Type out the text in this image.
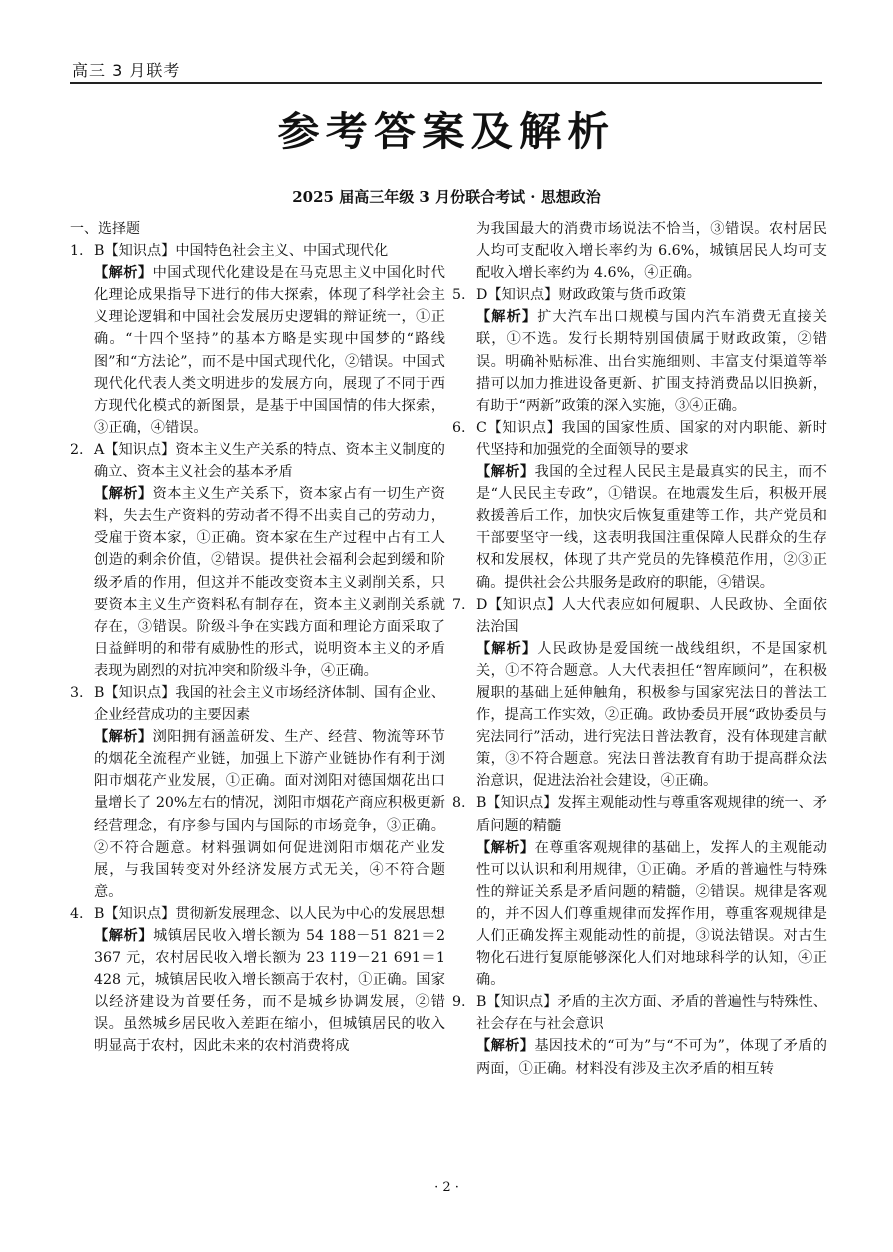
高三 3 月联考
参考答案及解析
2025 届高三年级 3 月份联合考试 · 思想政治
一、选择题
1. B【知识点】中国特色社会主义、中国式现代化
【解析】中国式现代化建设是在马克思主义中国化时代化理论成果指导下进行的伟大探索，体现了科学社会主义理论逻辑和中国社会发展历史逻辑的辩证统一，①正确。“十四个坚持”的基本方略是实现中国梦的“路线图”和“方法论”，而不是中国式现代化，②错误。中国式现代化代表人类文明进步的发展方向，展现了不同于西方现代化模式的新图景，是基于中国国情的伟大探索，③正确，④错误。
2. A【知识点】资本主义生产关系的特点、资本主义制度的确立、资本主义社会的基本矛盾
【解析】资本主义生产关系下，资本家占有一切生产资料，失去生产资料的劳动者不得不出卖自己的劳动力，受雇于资本家，①正确。资本家在生产过程中占有工人创造的剩余价值，②错误。提供社会福利会起到缓和阶级矛盾的作用，但这并不能改变资本主义剥削关系，只要资本主义生产资料私有制存在，资本主义剥削关系就存在，③错误。阶级斗争在实践方面和理论方面采取了日益鲜明的和带有威胁性的形式，说明资本主义的矛盾表现为剧烈的对抗冲突和阶级斗争，④正确。
3. B【知识点】我国的社会主义市场经济体制、国有企业、企业经营成功的主要因素
【解析】浏阳拥有涵盖研发、生产、经营、物流等环节的烟花全流程产业链，加强上下游产业链协作有利于浏阳市烟花产业发展，①正确。面对浏阳对德国烟花出口量增长了 20%左右的情况，浏阳市烟花产商应积极更新经营理念，有序参与国内与国际的市场竞争，③正确。②不符合题意。材料强调如何促进浏阳市烟花产业发展，与我国转变对外经济发展方式无关，④不符合题意。
4. B【知识点】贯彻新发展理念、以人民为中心的发展思想
【解析】城镇居民收入增长额为 54 188－51 821＝2 367 元，农村居民收入增长额为 23 119－21 691＝1 428 元，城镇居民收入增长额高于农村，①正确。国家以经济建设为首要任务，而不是城乡协调发展，②错误。虽然城乡居民收入差距在缩小，但城镇居民的收入明显高于农村，因此未来的农村消费将成
为我国最大的消费市场说法不恰当，③错误。农村居民人均可支配收入增长率约为 6.6%，城镇居民人均可支配收入增长率约为 4.6%，④正确。
5. D【知识点】财政政策与货币政策
【解析】扩大汽车出口规模与国内汽车消费无直接关联，①不选。发行长期特别国债属于财政政策，②错误。明确补贴标准、出台实施细则、丰富支付渠道等举措可以加力推进设备更新、扩围支持消费品以旧换新，有助于“两新”政策的深入实施，③④正确。
6. C【知识点】我国的国家性质、国家的对内职能、新时代坚持和加强党的全面领导的要求
【解析】我国的全过程人民民主是最真实的民主，而不是“人民民主专政”，①错误。在地震发生后，积极开展救援善后工作，加快灾后恢复重建等工作，共产党员和干部要坚守一线，这表明我国注重保障人民群众的生存权和发展权，体现了共产党员的先锋模范作用，②③正确。提供社会公共服务是政府的职能，④错误。
7. D【知识点】人大代表应如何履职、人民政协、全面依法治国
【解析】人民政协是爱国统一战线组织，不是国家机关，①不符合题意。人大代表担任“智库顾问”，在积极履职的基础上延伸触角，积极参与国家宪法日的普法工作，提高工作实效，②正确。政协委员开展“政协委员与宪法同行”活动，进行宪法日普法教育，没有体现建言献策，③不符合题意。宪法日普法教育有助于提高群众法治意识，促进法治社会建设，④正确。
8. B【知识点】发挥主观能动性与尊重客观规律的统一、矛盾问题的精髓
【解析】在尊重客观规律的基础上，发挥人的主观能动性可以认识和利用规律，①正确。矛盾的普遍性与特殊性的辩证关系是矛盾问题的精髓，②错误。规律是客观的，并不因人们尊重规律而发挥作用，尊重客观规律是人们正确发挥主观能动性的前提，③说法错误。对古生物化石进行复原能够深化人们对地球科学的认知，④正确。
9. B【知识点】矛盾的主次方面、矛盾的普遍性与特殊性、社会存在与社会意识
【解析】基因技术的“可为”与“不可为”，体现了矛盾的两面，①正确。材料没有涉及主次矛盾的相互转
· 2 ·
